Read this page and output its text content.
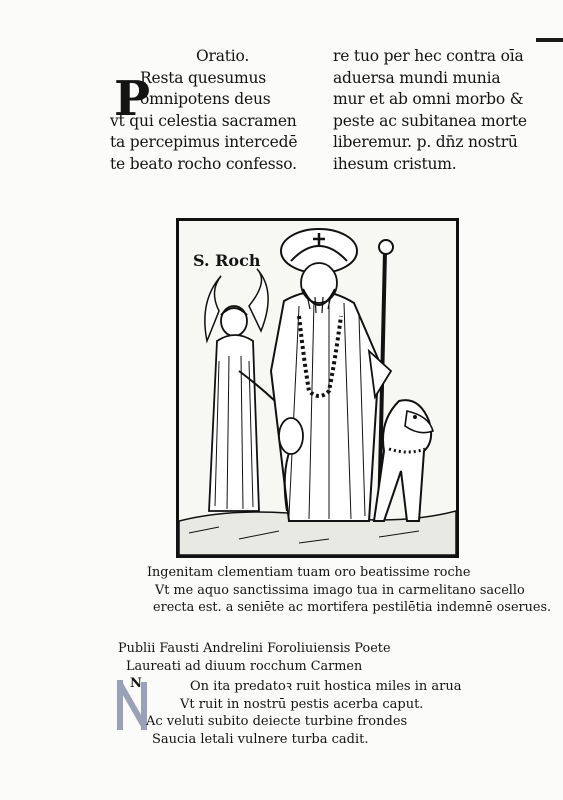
Oratio.
Resta quesumus
omnipotens deus
vt qui celestia sacramen
ta percepimus intercedē
te beato rocho confesso.
P
re tuo per hec contra oīa
aduersa mundi munia
mur et ab omni morbo &
peste ac subitanea morte
liberemur. p. dn̄z nostrū
ihesum cristum.
S. Roch
Ingenitam clementiam tuam oro beatissime roche
Vt me aquo sanctissima imago tua in carmelitano sacello
erecta est. a seniēte ac mortifera pestilētia indemnē oserues.
Publii Fausti Andrelini Foroliuiensis Poete
Laureati ad diuum rocchum Carmen
N	On ita predatoꝛ ruit hostica miles in arua
Vt ruit in nostrū pestis acerba caput.
Ac veluti subito deiecte turbine frondes
Saucia letali vulnere turba cadit.
